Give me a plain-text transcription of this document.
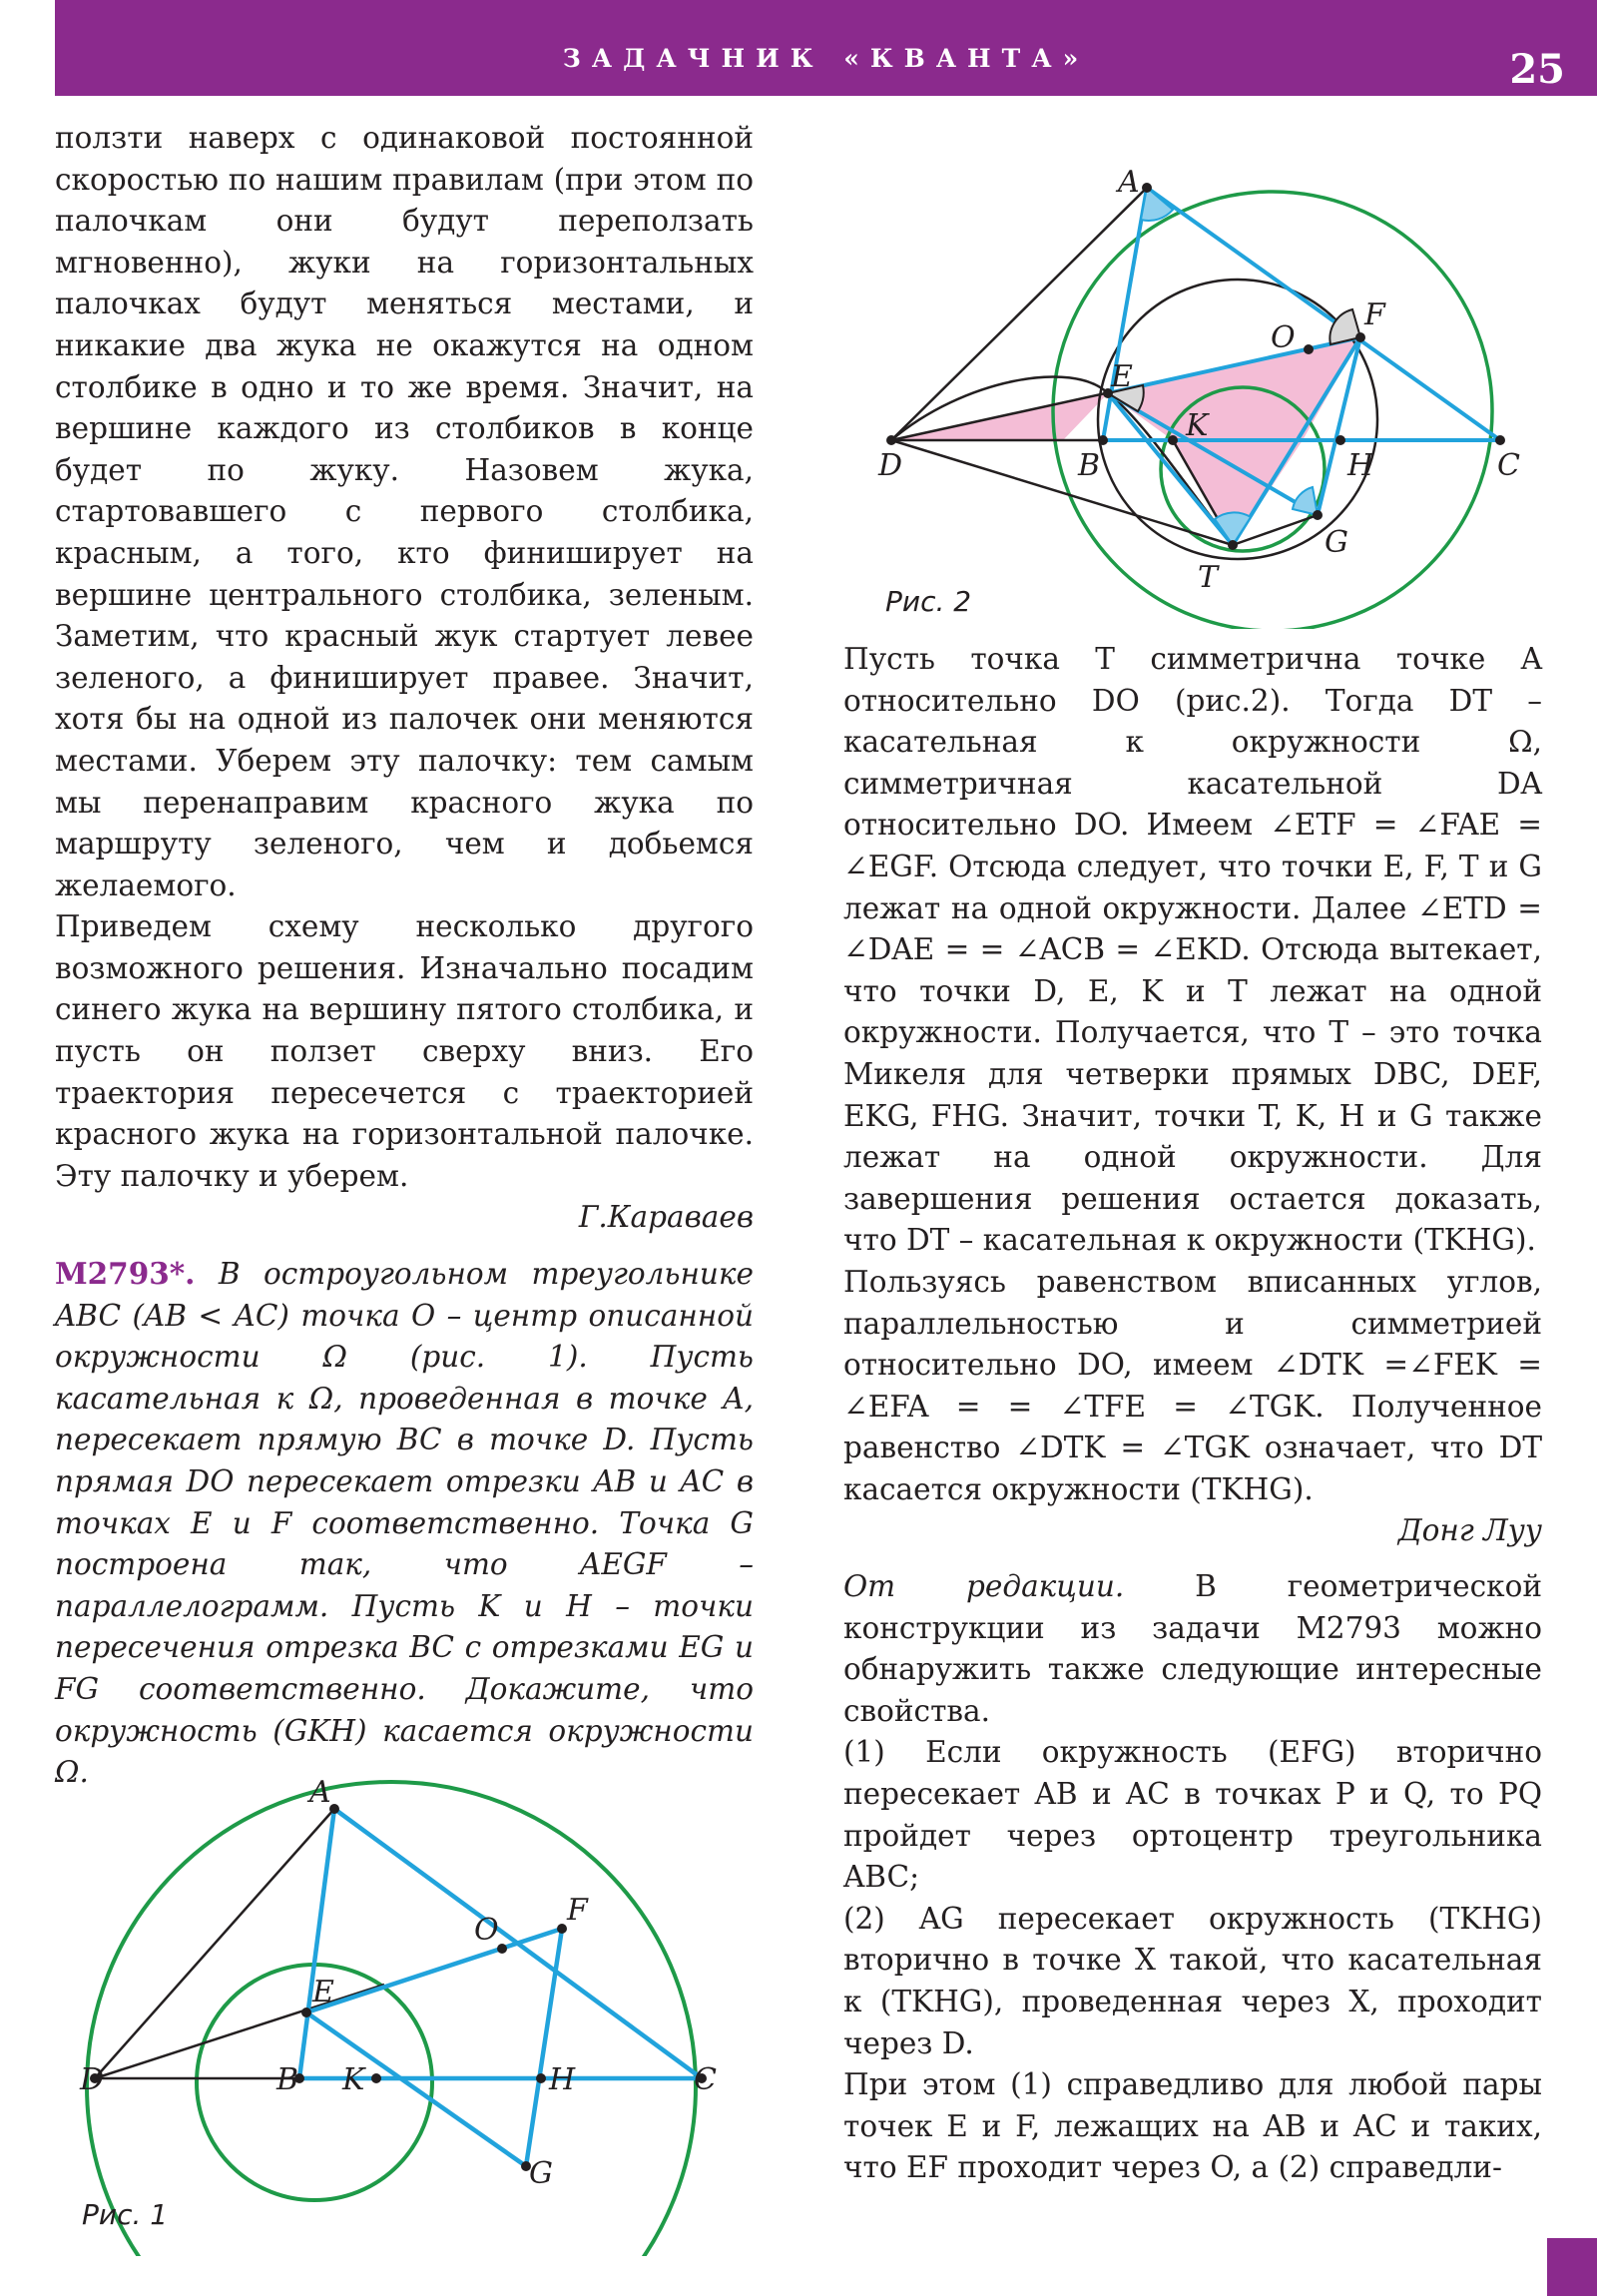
ЗАДАЧНИК «КВАНТА»	25

ползти наверх с одинаковой постоянной скоростью по нашим правилам (при этом по палочкам они будут переползать мгновенно), жуки на горизонтальных палочках будут меняться местами, и никакие два жука не окажутся на одном столбике в одно и то же время. Значит, на вершине каждого из столбиков в конце будет по жуку. Назовем жука, стартовавшего с первого столбика, красным, а того, кто финиширует на вершине центрального столбика, зеленым. Заметим, что красный жук стартует левее зеленого, а финиширует правее. Значит, хотя бы на одной из палочек они меняются местами. Уберем эту палочку: тем самым мы перенаправим красного жука по маршруту зеленого, чем и добьемся желаемого.

Приведем схему несколько другого возможного решения. Изначально посадим синего жука на вершину пятого столбика, и пусть он ползет сверху вниз. Его траектория пересечется с траекторией красного жука на горизонтальной палочке. Эту палочку и уберем.

Г.Караваев

М2793*. В остроугольном треугольнике ABC (AB < AC) точка O – центр описанной окружности Ω (рис. 1). Пусть касательная к Ω, проведенная в точке A, пересекает прямую BC в точке D. Пусть прямая DO пересекает отрезки AB и AC в точках E и F соответственно. Точка G построена так, что AEGF – параллелограмм. Пусть K и H – точки пересечения отрезка BC с отрезками EG и FG соответственно. Докажите, что окружность (GKH) касается окружности Ω.

A
O
F
E
D	B K	H	C
G
Рис. 1
A
O
F
E
K
D	B	H	C
G
T
Рис. 2

Пусть точка T симметрична точке A относительно DO (рис.2). Тогда DT – касательная к окружности Ω, симметричная касательной DA относительно DO. Имеем ∠ETF = ∠FAE = ∠EGF. Отсюда следует, что точки E, F, T и G лежат на одной окружности. Далее ∠ETD = ∠DAE = = ∠ACB = ∠EKD. Отсюда вытекает, что точки D, E, K и T лежат на одной окружности. Получается, что T – это точка Микеля для четверки прямых DBC, DEF, EKG, FHG. Значит, точки T, K, H и G также лежат на одной окружности. Для завершения решения остается доказать, что DT – касательная к окружности (TKHG).

Пользуясь равенством вписанных углов, параллельностью и симметрией относительно DO, имеем ∠DTK =∠FEK = ∠EFA = = ∠TFE = ∠TGK. Полученное равенство ∠DTK = ∠TGK означает, что DT касается окружности (TKHG).

Донг Луу

От редакции. В геометрической конструкции из задачи М2793 можно обнаружить также следующие интересные свойства.

(1) Если окружность (EFG) вторично пересекает AB и AC в точках P и Q, то PQ пройдет через ортоцентр треугольника ABC;

(2) AG пересекает окружность (TKHG) вторично в точке X такой, что касательная к (TKHG), проведенная через X, проходит через D.

При этом (1) справедливо для любой пары точек E и F, лежащих на AB и AC и таких, что EF проходит через O, а (2) справедли-
